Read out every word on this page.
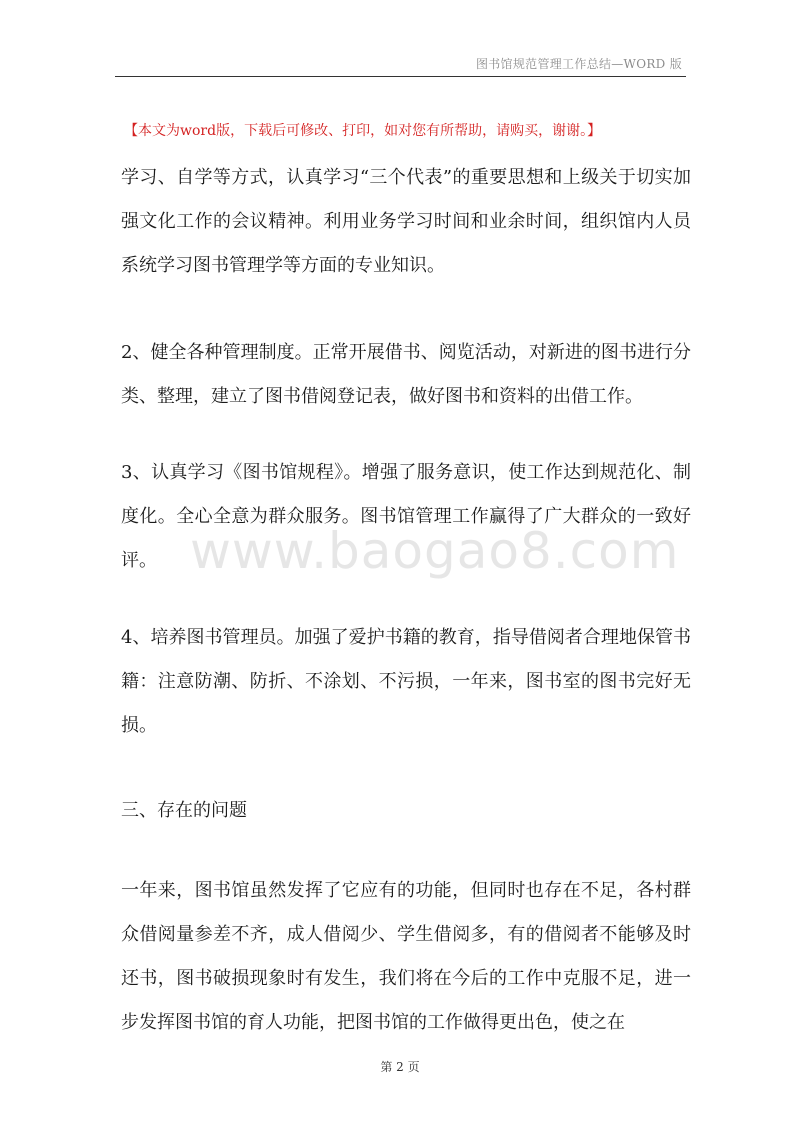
图书馆规范管理工作总结—WORD 版
【本文为word版，下载后可修改、打印，如对您有所帮助，请购买，谢谢。】

学习、自学等方式，认真学习“三个代表”的重要思想和上级关于切实加强文化工作的会议精神。利用业务学习时间和业余时间，组织馆内人员系统学习图书管理学等方面的专业知识。

2、健全各种管理制度。正常开展借书、阅览活动，对新进的图书进行分类、整理，建立了图书借阅登记表，做好图书和资料的出借工作。

3、认真学习《图书馆规程》。增强了服务意识，使工作达到规范化、制度化。全心全意为群众服务。图书馆管理工作赢得了广大群众的一致好评。

4、培养图书管理员。加强了爱护书籍的教育，指导借阅者合理地保管书籍：注意防潮、防折、不涂划、不污损，一年来，图书室的图书完好无损。

三、存在的问题

一年来，图书馆虽然发挥了它应有的功能，但同时也存在不足，各村群众借阅量参差不齐，成人借阅少、学生借阅多，有的借阅者不能够及时还书，图书破损现象时有发生，我们将在今后的工作中克服不足，进一步发挥图书馆的育人功能，把图书馆的工作做得更出色，使之在

www.baogao8.com
第 2 页
